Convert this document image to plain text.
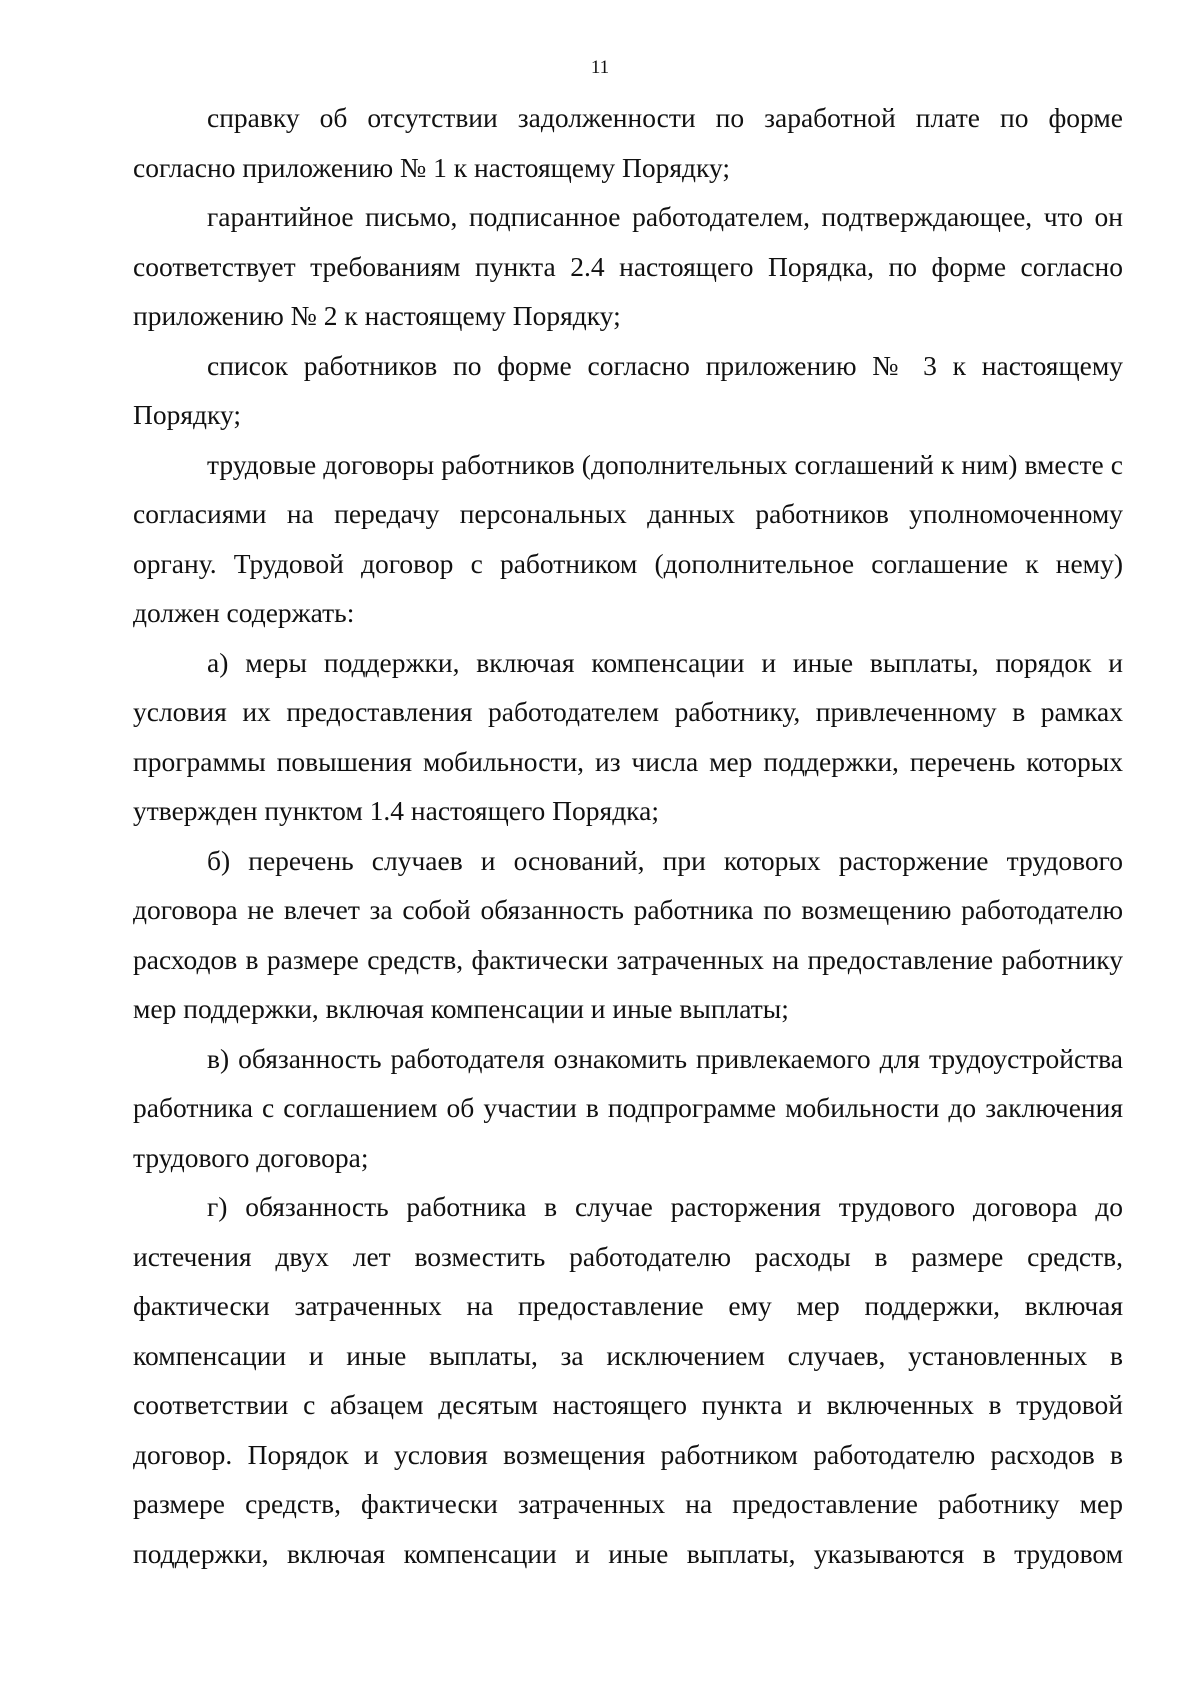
11

справку об отсутствии задолженности по заработной плате по форме согласно приложению № 1 к настоящему Порядку;

гарантийное письмо, подписанное работодателем, подтверждающее, что он соответствует требованиям пункта 2.4 настоящего Порядка, по форме согласно приложению № 2 к настоящему Порядку;

список работников по форме согласно приложению № 3 к настоящему Порядку;

трудовые договоры работников (дополнительных соглашений к ним) вместе с согласиями на передачу персональных данных работников уполномоченному органу. Трудовой договор с работником (дополнительное соглашение к нему) должен содержать:

а) меры поддержки, включая компенсации и иные выплаты, порядок и условия их предоставления работодателем работнику, привлеченному в рамках программы повышения мобильности, из числа мер поддержки, перечень которых утвержден пунктом 1.4 настоящего Порядка;

б) перечень случаев и оснований, при которых расторжение трудового договора не влечет за собой обязанность работника по возмещению работодателю расходов в размере средств, фактически затраченных на предоставление работнику мер поддержки, включая компенсации и иные выплаты;

в) обязанность работодателя ознакомить привлекаемого для трудоустройства работника с соглашением об участии в подпрограмме мобильности до заключения трудового договора;

г) обязанность работника в случае расторжения трудового договора до истечения двух лет возместить работодателю расходы в размере средств, фактически затраченных на предоставление ему мер поддержки, включая компенсации и иные выплаты, за исключением случаев, установленных в соответствии с абзацем десятым настоящего пункта и включенных в трудовой договор. Порядок и условия возмещения работником работодателю расходов в размере средств, фактически затраченных на предоставление работнику мер поддержки, включая компенсации и иные выплаты, указываются в трудовом
